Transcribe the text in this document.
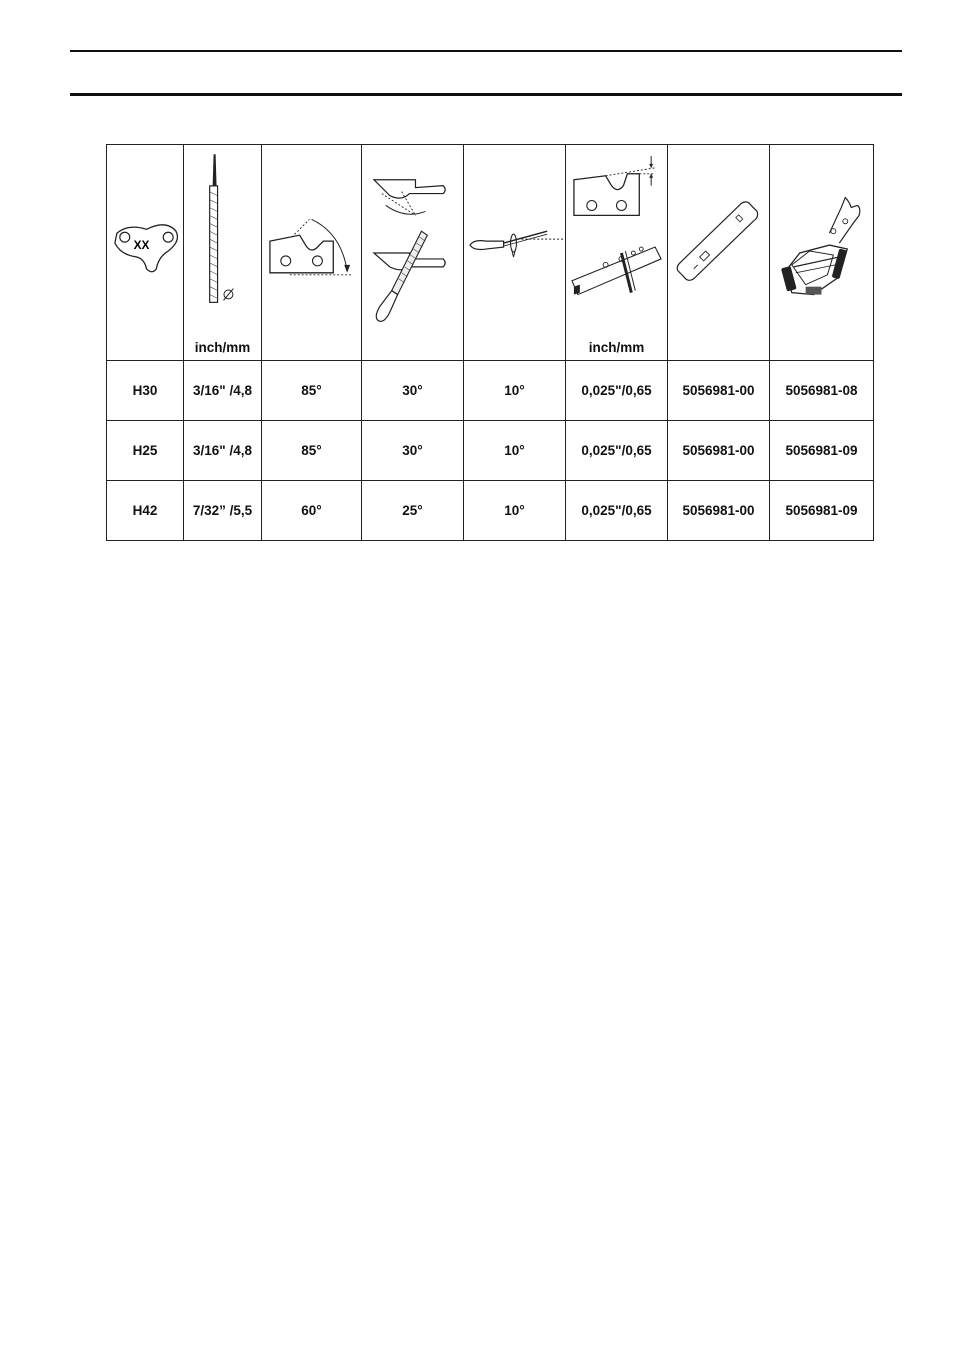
XX	inch/mm				inch/mm

H30	3/16" /4,8	85°	30°	10°	0,025"/0,65	5056981-00	5056981-08
H25	3/16" /4,8	85°	30°	10°	0,025"/0,65	5056981-00	5056981-09
H42	7/32” /5,5	60°	25°	10°	0,025"/0,65	5056981-00	5056981-09
